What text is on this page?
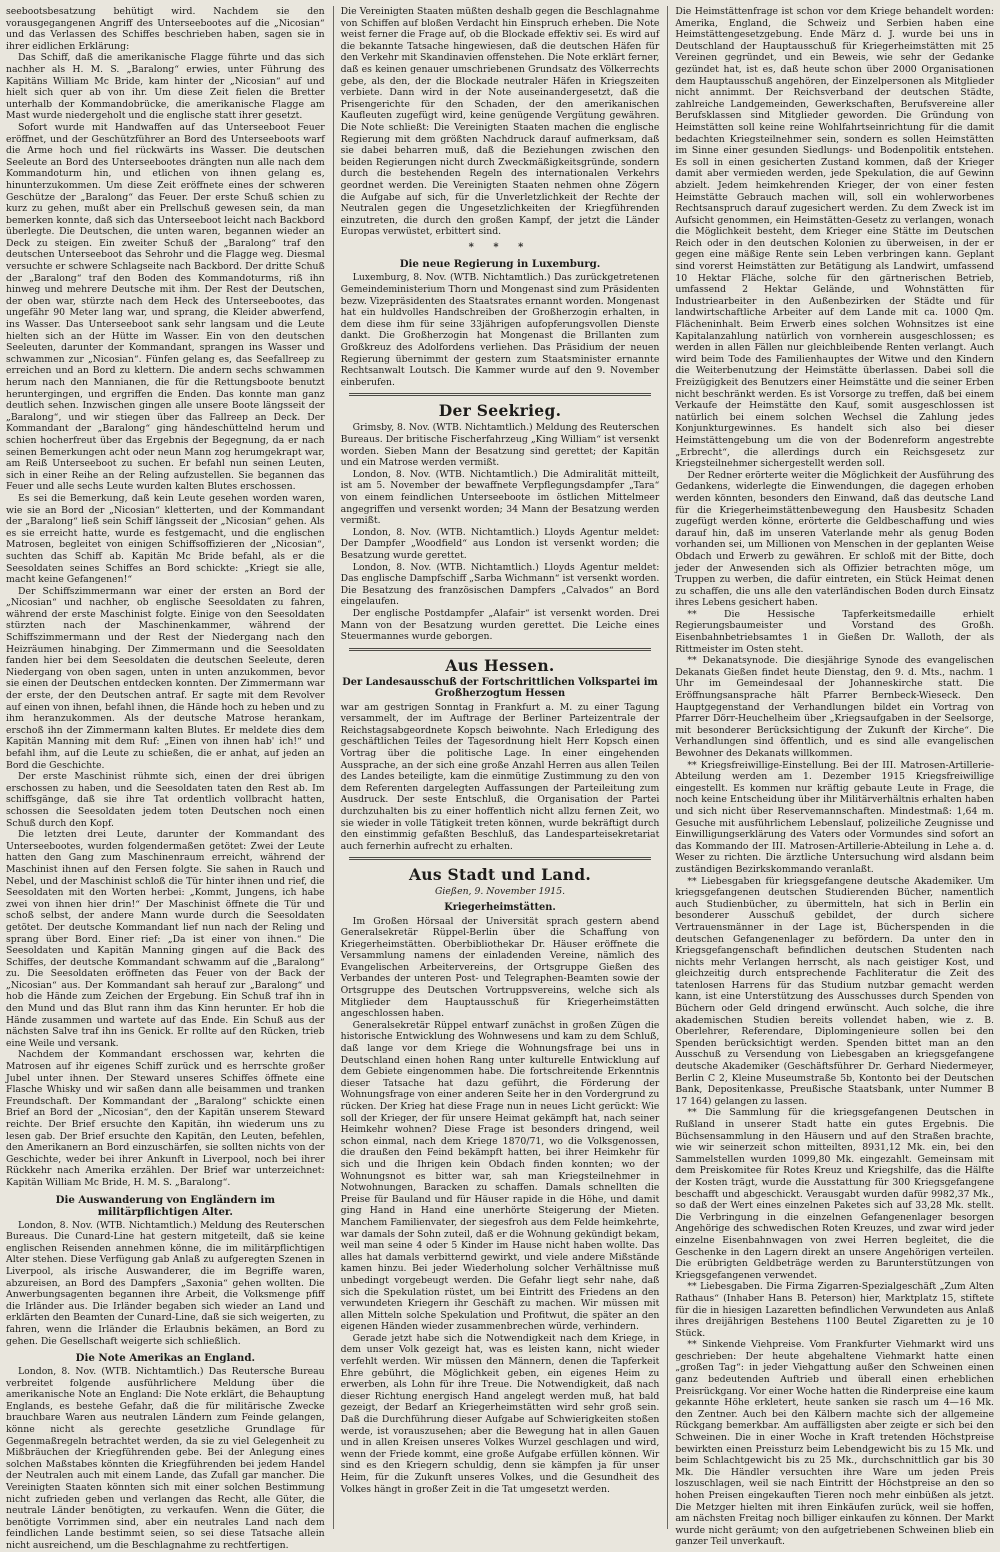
seebootsbesatzung behütigt wird. Nachdem sie den vorausgegangenen Angriff des Unterseebootes auf die „Nicosian“ und das Verlassen des Schiffes beschrieben haben, sagen sie in ihrer eidlichen Erklärung:

Das Schiff, daß die amerikanische Flagge führte und das sich nachher als H. M. S. „Baralong“ erwies, unter Führung des Kapitäns William Mc Bride, kam hinter der „Nicosian“ auf und hielt sich quer ab von ihr. Um diese Zeit fielen die Bretter unterhalb der Kommandobrücke, die amerikanische Flagge am Mast wurde niedergeholt und die englische statt ihrer gesetzt.

Sofort wurde mit Handwaffen auf das Unterseeboot Feuer eröffnet, und der Geschützführer an Bord des Unterseeboots warf die Arme hoch und fiel rückwärts ins Wasser. Die deutschen Seeleute an Bord des Unterseebootes drängten nun alle nach dem Kommandoturm hin, und etlichen von ihnen gelang es, hinunterzukommen. Um diese Zeit eröffnete eines der schweren Geschütze der „Baralong“ das Feuer. Der erste Schuß schien zu kurz zu gehen, mußt aber ein Prellschuß gewesen sein, da man bemerken konnte, daß sich das Unterseeboot leicht nach Backbord überlegte. Die Deutschen, die unten waren, begannen wieder an Deck zu steigen. Ein zweiter Schuß der „Baralong“ traf den deutschen Unterseeboot das Sehrohr und die Flagge weg. Diesmal versuchte er schwere Schlagseite nach Backbord. Der dritte Schuß der „Baralong“ traf den Boden des Kommandoturms, riß ihn hinweg und mehrere Deutsche mit ihm. Der Rest der Deutschen, der oben war, stürzte nach dem Heck des Unterseebootes, das ungefähr 90 Meter lang war, und sprang, die Kleider abwerfend, ins Wasser. Das Unterseeboot sank sehr langsam und die Leute hielten sich an der Hütte im Wasser. Ein von den deutschen Seeleuten, darunter der Kommandant, sprangen ins Wasser und schwammen zur „Nicosian“. Fünfen gelang es, das Seefallreep zu erreichen und an Bord zu klettern. Die andern sechs schwammen herum nach den Mannianen, die für die Rettungsboote benutzt heruntergingen, und ergriffen die Enden. Das konnte man ganz deutlich sehen. Inzwischen gingen alle unsere Boote längsseit der „Baralong“, und wir stiegen über das Fallreep an Deck. Der Kommandant der „Baralong“ ging händeschüttelnd herum und schien hocherfreut über das Ergebnis der Begegnung, da er nach seinen Bemerkungen acht oder neun Mann zog herumgekrapt war, am Reiß Unterseeboot zu suchen. Er befahl nun seinen Leuten, sich in einer Reihe an der Reling aufzustellen. Sie begannen das Feuer und alle sechs Leute wurden kalten Blutes erschossen.

Es sei die Bemerkung, daß kein Leute gesehen worden waren, wie sie an Bord der „Nicosian“ kletterten, und der Kommandant der „Baralong“ ließ sein Schiff längsseit der „Nicosian“ gehen. Als es sie erreicht hatte, wurde es festgemacht, und die englischen Matrosen, begleitet von einigen Schiffsoffizieren der „Nicosian“, suchten das Schiff ab. Kapitän Mc Bride befahl, als er die Seesoldaten seines Schiffes an Bord schickte: „Kriegt sie alle, macht keine Gefangenen!“

Der Schiffszimmermann war einer der ersten an Bord der „Nicosian“ und nachher, ob englische Seesoldaten zu fahren, während der erste Maschinist folgte. Einige von den Seesoldaten stürzten nach der Maschinenkammer, während der Schiffszimmermann und der Rest der Niedergang nach den Heizräumen hinabging. Der Zimmermann und die Seesoldaten fanden hier bei dem Seesoldaten die deutschen Seeleute, deren Niedergang von oben sagen, unten in unten anzukommen, bevor sie einen der Deutschen entdecken konnten. Der Zimmermann war der erste, der den Deutschen antraf. Er sagte mit dem Revolver auf einen von ihnen, befahl ihnen, die Hände hoch zu heben und zu ihm heranzukommen. Als der deutsche Matrose herankam, erschoß ihn der Zimmermann kalten Blutes. Er meldete dies dem Kapitän Manning mit dem Ruf: „Einen von ihnen hab' ich!“ und befahl ihm, auf die Leute zu schießen, die er anhat, auf jeden an Bord die Geschichte.

Der erste Maschinist rühmte sich, einen der drei übrigen erschossen zu haben, und die Seesoldaten taten den Rest ab. Im schiffsgänge, daß sie ihre Tat ordentlich vollbracht hatten, schossen die Seesoldaten jedem toten Deutschen noch einen Schuß durch den Kopf.

Die letzten drei Leute, darunter der Kommandant des Unterseebootes, wurden folgendermaßen getötet: Zwei der Leute hatten den Gang zum Maschinenraum erreicht, während der Maschinist ihnen auf den Fersen folgte. Sie sahen in Rauch und Nebel, und der Maschinist schloß die Tür hinter ihnen und rief, die Seesoldaten mit den Worten herbei: „Kommt, Jungens, ich habe zwei von ihnen hier drin!“ Der Maschinist öffnete die Tür und schoß selbst, der andere Mann wurde durch die Seesoldaten getötet. Der deutsche Kommandant lief nun nach der Reling und sprang über Bord. Einer rief: „Da ist einer von ihnen.“ Die Seesoldaten und Kapitän Manning gingen auf die Back des Schiffes, der deutsche Kommandant schwamm auf die „Baralong“ zu. Die Seesoldaten eröffneten das Feuer von der Back der „Nicosian“ aus. Der Kommandant sah herauf zur „Baralong“ und hob die Hände zum Zeichen der Ergebung. Ein Schuß traf ihn in den Mund und das Blut rann ihm das Kinn herunter. Er hob die Hände zusammen und wartete auf das Ende. Ein Schuß aus der nächsten Salve traf ihn ins Genick. Er rollte auf den Rücken, trieb eine Weile und versank.

Nachdem der Kommandant erschossen war, kehrten die Matrosen auf ihr eigenes Schiff zurück und es herrschte großer Jubel unter ihnen. Der Steward unseres Schiffes öffnete eine Flasche Whisky und wir saßen dann alle beisammen und tranken Freundschaft. Der Kommandant der „Baralong“ schickte einen Brief an Bord der „Nicosian“, den der Kapitän unserem Steward reichte. Der Brief ersuchte den Kapitän, ihn wiederum uns zu lesen gab. Der Brief ersuchte den Kapitän, den Leuten, befehlen, den Amerikanern an Bord einzuschärfen, sie sollten nichts von der Geschichte, weder bei ihrer Ankunft in Liverpool, noch bei ihrer Rückkehr nach Amerika erzählen. Der Brief war unterzeichnet: Kapitän William Mc Bride, H. M. S. „Baralong“.

Die Auswanderung von Engländern im militärpflichtigen Alter.

London, 8. Nov. (WTB. Nichtamtlich.) Meldung des Reuterschen Bureaus. Die Cunard-Line hat gestern mitgeteilt, daß sie keine englischen Reisenden annehmen könne, die im militärpflichtigen Alter stehen. Diese Verfügung gab Anlaß zu aufgeregten Szenen in Liverpool, als irische Auswanderer, die im Begriffe waren, abzureisen, an Bord des Dampfers „Saxonia“ gehen wollten. Die Anwerbungsagenten begannen ihre Arbeit, die Volksmenge pfiff die Irländer aus. Die Irländer begaben sich wieder an Land und erklärten den Beamten der Cunard-Line, daß sie sich weigerten, zu fahren, wenn die Irländer die Erlaubnis bekämen, an Bord zu gehen. Die Gesellschaft weigerte sich schließlich.

Die Note Amerikas an England.

London, 8. Nov. (WTB. Nichtamtlich.) Das Reutersche Bureau verbreitet folgende ausführlichere Meldung über die amerikanische Note an England: Die Note erklärt, die Behauptung Englands, es bestehe Gefahr, daß die für militärische Zwecke brauchbare Waren aus neutralen Ländern zum Feinde gelangen, könne nicht als gerechte gesetzliche Grundlage für Gegenmaßregeln betrachtet werden, da sie zu viel Gelegenheit zu Mißbräuchen der Kriegführenden gebe. Bei der Anlegung eines solchen Maßstabes könnten die Kriegführenden bei jedem Handel der Neutralen auch mit einem Lande, das Zufall gar mancher. Die Vereinigten Staaten könnten sich mit einer solchen Bestimmung nicht zufrieden geben und verlangen das Recht, alle Güter, die neutrale Länder benötigten, zu verkaufen. Wenn die Güter, die benötigte Vorrimmen sind, aber ein neutrales Land nach dem feindlichen Lande bestimmt seien, so sei diese Tatsache allein nicht ausreichend, um die Beschlagnahme zu rechtfertigen.

Die Vereinigten Staaten müßten deshalb gegen die Beschlagnahme von Schiffen auf bloßen Verdacht hin Einspruch erheben. Die Note weist ferner die Frage auf, ob die Blockade effektiv sei. Es wird auf die bekannte Tatsache hingewiesen, daß die deutschen Häfen für den Verkehr mit Skandinavien offenstehen. Die Note erklärt ferner, daß es keinen genauer umschriebenen Grundsatz des Völkerrechts gebe, als den, der die Blockade neutraler Häfen in Kriegszeiten verbiete. Dann wird in der Note auseinandergesetzt, daß die Prisengerichte für den Schaden, der den amerikanischen Kaufleuten zugefügt wird, keine genügende Vergütung gewähren. Die Note schließt: Die Vereinigten Staaten machen die englische Regierung mit dem größten Nachdruck darauf aufmerksam, daß sie dabei beharren muß, daß die Beziehungen zwischen den beiden Regierungen nicht durch Zweckmäßigkeitsgründe, sondern durch die bestehenden Regeln des internationalen Verkehrs geordnet werden. Die Vereinigten Staaten nehmen ohne Zögern die Aufgabe auf sich, für die Unverletzlichkeit der Rechte der Neutralen gegen die Ungesetzlichkeiten der Kriegführenden einzutreten, die durch den großen Kampf, der jetzt die Länder Europas verwüstet, erbittert sind.

* * *
Die neue Regierung in Luxemburg.

Luxemburg, 8. Nov. (WTB. Nichtamtlich.) Das zurückgetretenen Gemeindeministerium Thorn und Mongenast sind zum Präsidenten bezw. Vizepräsidenten des Staatsrates ernannt worden. Mongenast hat ein huldvolles Handschreiben der Großherzogin erhalten, in dem diese ihm für seine 33jährigen aufopferungsvollen Dienste dankt. Die Großherzogin hat Mongenast die Brillanten zum Großkreuz des Adolfordens verliehen. Das Präsidium der neuen Regierung übernimmt der gestern zum Staatsminister ernannte Rechtsanwalt Loutsch. Die Kammer wurde auf den 9. November einberufen.

Der Seekrieg.

Grimsby, 8. Nov. (WTB. Nichtamtlich.) Meldung des Reuterschen Bureaus. Der britische Fischerfahrzeug „King William“ ist versenkt worden. Sieben Mann der Besatzung sind gerettet; der Kapitän und ein Matrose werden vermißt.

London, 8. Nov. (WTB. Nichtamtlich.) Die Admiralität mitteilt, ist am 5. November der bewaffnete Verpflegungsdampfer „Tara“ von einem feindlichen Unterseeboote im östlichen Mittelmeer angegriffen und versenkt worden; 34 Mann der Besatzung werden vermißt.

London, 8. Nov. (WTB. Nichtamtlich.) Lloyds Agentur meldet: Der Dampfer „Woodfield“ aus London ist versenkt worden; die Besatzung wurde gerettet.

London, 8. Nov. (WTB. Nichtamtlich.) Lloyds Agentur meldet: Das englische Dampfschiff „Sarba Wichmann“ ist versenkt worden. Die Besatzung des französischen Dampfers „Calvados“ an Bord eingelaufen.

Der englische Postdampfer „Alafair“ ist versenkt worden. Drei Mann von der Besatzung wurden gerettet. Die Leiche eines Steuermannes wurde geborgen.

Aus Hessen.
Der Landesausschuß der Fortschrittlichen Volkspartei im Großherzogtum Hessen

war am gestrigen Sonntag in Frankfurt a. M. zu einer Tagung versammelt, der im Auftrage der Berliner Parteizentrale der Reichstagsabgeordnete Kopsch beiwohnte. Nach Erledigung des geschäftlichen Teiles der Tagesordnung hielt Herr Kopsch einen Vortrag über die politische Lage. In einer eingehenden Aussprache, an der sich eine große Anzahl Herren aus allen Teilen des Landes beteiligte, kam die einmütige Zustimmung zu den von dem Referenten dargelegten Auffassungen der Parteileitung zum Ausdruck. Der seste Entschluß, die Organisation der Partei durchzuhalten bis zu einer hoffentlich nicht allzu fernen Zeit, wo sie wieder in volle Tätigkeit treten können, wurde bekräftigt durch den einstimmig gefaßten Beschluß, das Landesparteisekretariat auch fernerhin aufrecht zu erhalten.

Aus Stadt und Land.
Gießen, 9. November 1915.
Kriegerheimstätten.

Im Großen Hörsaal der Universität sprach gestern abend Generalsekretär Rüppel-Berlin über die Schaffung von Kriegerheimstätten. Oberbibliothekar Dr. Häuser eröffnete die Versammlung namens der einladenden Vereine, nämlich des Evangelischen Arbeitervereins, der Ortsgruppe Gießen des Verbandes der unteren Post- und Telegraphen-Beamten sowie der Ortsgruppe des Deutschen Vortruppsvereins, welche sich als Mitglieder dem Hauptausschuß für Kriegerheimstätten angeschlossen haben.

Generalsekretär Rüppel entwarf zunächst in großen Zügen die historische Entwicklung des Wohnwesens und kam zu dem Schluß, daß lange vor dem Kriege die Wohnungsfrage bei uns in Deutschland einen hohen Rang unter kulturelle Entwicklung auf dem Gebiete eingenommen habe. Die fortschreitende Erkenntnis dieser Tatsache hat dazu geführt, die Förderung der Wohnungsfrage von einer anderen Seite her in den Vordergrund zu rücken. Der Krieg hat diese Frage nun in neues Licht gerückt: Wie soll der Krieger, der für unsere Heimat gekämpft hat, nach seiner Heimkehr wohnen? Diese Frage ist besonders dringend, weil schon einmal, nach dem Kriege 1870/71, wo die Volksgenossen, die draußen den Feind bekämpft hatten, bei ihrer Heimkehr für sich und die Ihrigen kein Obdach finden konnten; wo der Wohnungsnot es bitter war, sah man Kriegsteilnehmer in Notwohnungen, Baracken zu schaffen. Damals schnellten die Preise für Bauland und für Häuser rapide in die Höhe, und damit ging Hand in Hand eine unerhörte Steigerung der Mieten. Manchem Familienvater, der siegesfroh aus dem Felde heimkehrte, war damals der Sohn zuteil, daß er die Wohnung gekündigt bekam, weil man seine 4 oder 5 Kinder im Hause nicht haben wollte. Das alles hat damals verbitternd gewirkt, und viele andere Mißstände kamen hinzu. Bei jeder Wiederholung solcher Verhältnisse muß unbedingt vorgebeugt werden. Die Gefahr liegt sehr nahe, daß sich die Spekulation rüstet, um bei Eintritt des Friedens an den verwundeten Kriegern ihr Geschäft zu machen. Wir müssen mit allen Mitteln solche Spekulation und Profitwut, die später an den eigenen Händen wieder zusammenbrechen würde, verhindern.

Gerade jetzt habe sich die Notwendigkeit nach dem Kriege, in dem unser Volk gezeigt hat, was es leisten kann, nicht wieder verfehlt werden. Wir müssen den Männern, denen die Tapferkeit Ehre gebührt, die Möglichkeit geben, ein eigenes Heim zu erwerben, als Lohn für ihre Treue. Die Notwendigkeit, daß nach dieser Richtung energisch Hand angelegt werden muß, hat bald gezeigt, der Bedarf an Kriegerheimstätten wird sehr groß sein. Daß die Durchführung dieser Aufgabe auf Schwierigkeiten stoßen werde, ist vorauszusehen; aber die Bewegung hat in allen Gauen und in allen Kreisen unseres Volkes Wurzel geschlagen und wird, wenn der Friede kommt, eine große Aufgabe erfüllen können. Wir sind es den Kriegern schuldig, denn sie kämpfen ja für unser Heim, für die Zukunft unseres Volkes, und die Gesundheit des Volkes hängt in großer Zeit in die Tat umgesetzt werden.

Die Heimstättenfrage ist schon vor dem Kriege behandelt worden: Amerika, England, die Schweiz und Serbien haben eine Heimstättengesetzgebung. Ende März d. J. wurde bei uns in Deutschland der Hauptausschuß für Kriegerheimstätten mit 25 Vereinen gegründet, und ein Beweis, wie sehr der Gedanke gezündet hat, ist es, daß heute schon über 2000 Organisationen dem Hauptausschuß angehören, der Einzelpersonen als Mitglieder nicht annimmt. Der Reichsverband der deutschen Städte, zahlreiche Landgemeinden, Gewerkschaften, Berufsvereine aller Berufsklassen sind Mitglieder geworden. Die Gründung von Heimstätten soll keine reine Wohlfahrtseinrichtung für die damit bedachten Kriegsteilnehmer sein, sondern es sollen Heimstätten im Sinne einer gesunden Siedlungs- und Bodenpolitik entstehen. Es soll in einen gesicherten Zustand kommen, daß der Krieger damit aber vermieden werden, jede Spekulation, die auf Gewinn abzielt. Jedem heimkehrenden Krieger, der von einer festen Heimstätte Gebrauch machen will, soll ein wohlerworbenes Rechtsanspruch darauf zugesichert werden. Zu dem Zweck ist im Aufsicht genommen, ein Heimstätten-Gesetz zu verlangen, wonach die Möglichkeit besteht, dem Krieger eine Stätte im Deutschen Reich oder in den deutschen Kolonien zu überweisen, in der er gegen eine mäßige Rente sein Leben verbringen kann. Geplant sind vorerst Heimstätten zur Betätigung als Landwirt, umfassend 10 Hektar Fläche, solche für den gärtnerischen Betrieb, umfassend 2 Hektar Gelände, und Wohnstätten für Industriearbeiter in den Außenbezirken der Städte und für landwirtschaftliche Arbeiter auf dem Lande mit ca. 1000 Qm. Flächeninhalt. Beim Erwerb eines solchen Wohnsitzes ist eine Kapitalanzahlung natürlich von vornherein ausgeschlossen; es werden in allen Fällen nur gleichbleibende Renten verlangt. Auch wird beim Tode des Familienhauptes der Witwe und den Kindern die Weiterbenutzung der Heimstätte überlassen. Dabei soll die Freizügigkeit des Benutzers einer Heimstätte und die seiner Erben nicht beschränkt werden. Es ist Vorsorge zu treffen, daß bei einem Verkaufe der Heimstätte den Kauf, somit ausgeschlossen ist natürlich bei einem solchen Wechsel die Zahlung jedes Konjunkturgewinnes. Es handelt sich also bei dieser Heimstättengebung um die von der Bodenreform angestrebte „Erbrecht“, die allerdings durch ein Reichsgesetz zur Kriegsteilnehmer sichergestellt werden soll.

Der Redner erörterte weiter die Möglichkeit der Ausführung des Gedankens, widerlegte die Einwendungen, die dagegen erhoben werden könnten, besonders den Einwand, daß das deutsche Land für die Kriegerheimstättenbewegung den Hausbesitz Schaden zugefügt werden könne, erörterte die Geldbeschaffung und wies darauf hin, daß im unseren Vaterlande mehr als genug Boden vorhanden sei, um Millionen von Menschen in der geplanten Weise Obdach und Erwerb zu gewähren. Er schloß mit der Bitte, doch jeder der Anwesenden sich als Offizier betrachten möge, um Truppen zu werben, die dafür eintreten, ein Stück Heimat denen zu schaffen, die uns alle den vaterländischen Boden durch Einsatz ihres Lebens gesichert haben.

** Die Hessische Tapferkeitsmedaille erhielt Regierungsbaumeister und Vorstand des Großh. Eisenbahnbetriebsamtes 1 in Gießen Dr. Walloth, der als Rittmeister im Osten steht.

** Dekanatsynode. Die diesjährige Synode des evangelischen Dekanats Gießen findet heute Dienstag, den 9. d. Mts., nachm. 1 Uhr im Gemeindesaal der Johanneskirche statt. Die Eröffnungsansprache hält Pfarrer Bernbeck-Wieseck. Den Hauptgegenstand der Verhandlungen bildet ein Vortrag von Pfarrer Dörr-Heuchelheim über „Kriegsaufgaben in der Seelsorge, mit besonderer Berücksichtigung der Zukunft der Kirche“. Die Verhandlungen sind öffentlich, und es sind alle evangelischen Bewohner des Dekanats willkommen.

** Kriegsfreiwillige-Einstellung. Bei der III. Matrosen-Artillerie-Abteilung werden am 1. Dezember 1915 Kriegsfreiwillige eingestellt. Es kommen nur kräftig gebaute Leute in Frage, die noch keine Entscheidung über ihr Militärverhältnis erhalten haben und sich nicht über Reservemannschaften. Mindestmaß: 1,64 m. Gesuche mit ausführlichem Lebenslauf, polizeiliche Zeugnisse und Einwilligungserklärung des Vaters oder Vormundes sind sofort an das Kommando der III. Matrosen-Artillerie-Abteilung in Lehe a. d. Weser zu richten. Die ärztliche Untersuchung wird alsdann beim zuständigen Bezirkskommando veranlaßt.

** Liebesgaben für kriegsgefangene deutsche Akademiker. Um kriegsgefangenen deutschen Studierenden Bücher, namentlich auch Studienbücher, zu übermitteln, hat sich in Berlin ein besonderer Ausschuß gebildet, der durch sichere Vertrauensmänner in der Lage ist, Bücherspenden in die deutschen Gefangenenlager zu befördern. Da unter den in Kriegsgefangenschaft befindlichen deutschen Studenten nach nichts mehr Verlangen herrscht, als nach geistiger Kost, und gleichzeitig durch entsprechende Fachliteratur die Zeit des tatenlosen Harrens für das Studium nutzbar gemacht werden kann, ist eine Unterstützung des Ausschusses durch Spenden von Büchern oder Geld dringend erwünscht. Auch solche, die ihre akademischen Studien bereits vollendet haben, wie z. B. Oberlehrer, Referendare, Diplomingenieure sollen bei den Spenden berücksichtigt werden. Spenden bittet man an den Ausschuß zu Versendung von Liebesgaben an kriegsgefangene deutsche Akademiker (Geschäftsführer Dr. Gerhard Niedermeyer, Berlin C 2, Kleine Museumstraße 5b, Kontonto bei der Deutschen Bank, Depositenkasse, Preußische Staatsbank, unter Nummer B 17 164) gelangen zu lassen.

** Die Sammlung für die kriegsgefangenen Deutschen in Rußland in unserer Stadt hatte ein gutes Ergebnis. Die Büchsensammlung in den Häusern und auf den Straßen brachte, wie wir seinerzeit schon mitteilten, 8931,12 Mk. ein, bei den Sammelstellen wurden 1099,80 Mk. eingezahlt. Gemeinsam mit dem Preiskomitee für Rotes Kreuz und Kriegshilfe, das die Hälfte der Kosten trägt, wurde die Ausstattung für 300 Kriegsgefangene beschafft und abgeschickt. Verausgabt wurden dafür 9982,37 Mk., so daß der Wert eines einzelnen Paketes sich auf 33,28 Mk. stellt. Die Verbringung in die einzelnen Gefangenenlager besorgen Angehörige des schwedischen Roten Kreuzes, und zwar wird jeder einzelne Eisenbahnwagen von zwei Herren begleitet, die die Geschenke in den Lagern direkt an unsere Angehörigen verteilen. Die erübrigten Geldbeträge werden zu Barunterstützungen von Kriegsgefangenen verwendet.

** Liebesgaben. Die Firma Zigarren-Spezialgeschäft „Zum Alten Rathaus“ (Inhaber Hans B. Peterson) hier, Marktplatz 15, stiftete für die in hiesigen Lazaretten befindlichen Verwundeten aus Anlaß ihres dreijährigen Bestehens 1100 Beutel Zigaretten zu je 10 Stück.

** Sinkende Viehpreise. Vom Frankfurter Viehmarkt wird uns geschrieben: Der heute abgehaltene Viehmarkt hatte einen „großen Tag“: in jeder Viehgattung außer den Schweinen einen ganz bedeutenden Auftrieb und überall einen erheblichen Preisrückgang. Vor einer Woche hatten die Rinderpreise eine kaum gekannte Höhe erkletert, heute sanken sie rasch um 4—16 Mk. den Zentner. Auch bei den Kälbern machte sich der allgemeine Rückgang bemerkbar. Am auffälligsten aber zeigte er sich bei den Schweinen. Die in einer Woche in Kraft tretenden Höchstpreise bewirkten einen Preissturz beim Lebendgewicht bis zu 15 Mk. und beim Schlachtgewicht bis zu 25 Mk., durchschnittlich gar bis 30 Mk. Die Händler versuchten ihre Ware um jeden Preis loszuschlagen, weil sie nach Eintritt der Höchstpreise an den so hohen Preisen eingekauften Tieren noch mehr einbüßen als jetzt. Die Metzger hielten mit ihren Einkäufen zurück, weil sie hoffen, am nächsten Freitag noch billiger einkaufen zu können. Der Markt wurde nicht geräumt; von den aufgetriebenen Schweinen blieb ein ganzer Teil unverkauft.
